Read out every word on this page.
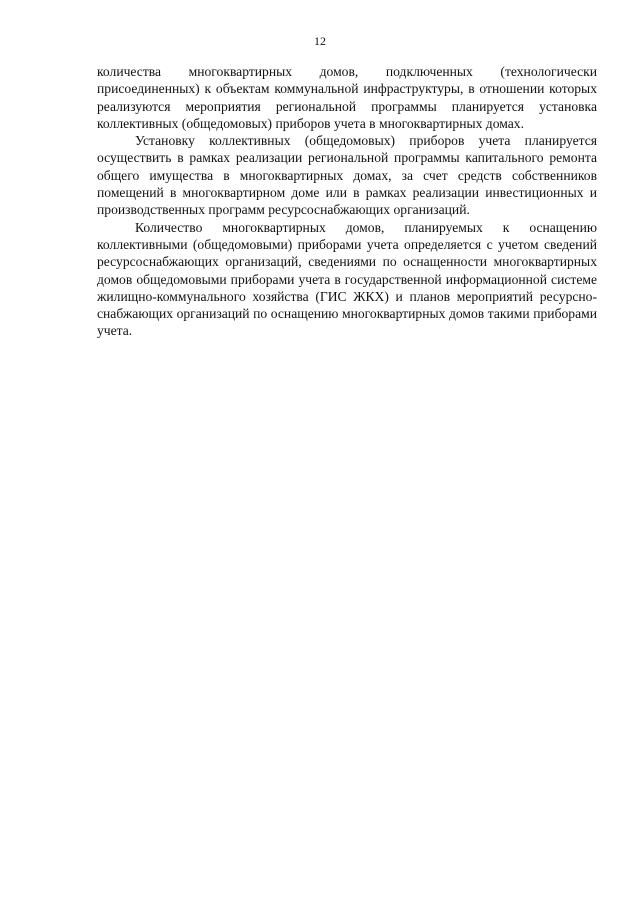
12

количества многоквартирных домов, подключенных (технологически присоединенных) к объектам коммунальной инфраструктуры, в отношении которых реализуются мероприятия региональной программы планируется установка коллективных (общедомовых) приборов учета в многоквартирных домах.

Установку коллективных (общедомовых) приборов учета планируется осуществить в рамках реализации региональной программы капитального ремонта общего имущества в многоквартирных домах, за счет средств собственников помещений в многоквартирном доме или в рамках реализации инвестиционных и производственных программ ресурсоснабжающих организаций.

Количество многоквартирных домов, планируемых к оснащению коллективными (общедомовыми) приборами учета определяется с учетом сведений ресурсоснабжающих организаций, сведениями по оснащенности многоквартирных домов общедомовыми приборами учета в государственной информационной системе жилищно-коммунального хозяйства (ГИС ЖКХ) и планов мероприятий ресурсно-снабжающих организаций по оснащению многоквартирных домов такими приборами учета.
